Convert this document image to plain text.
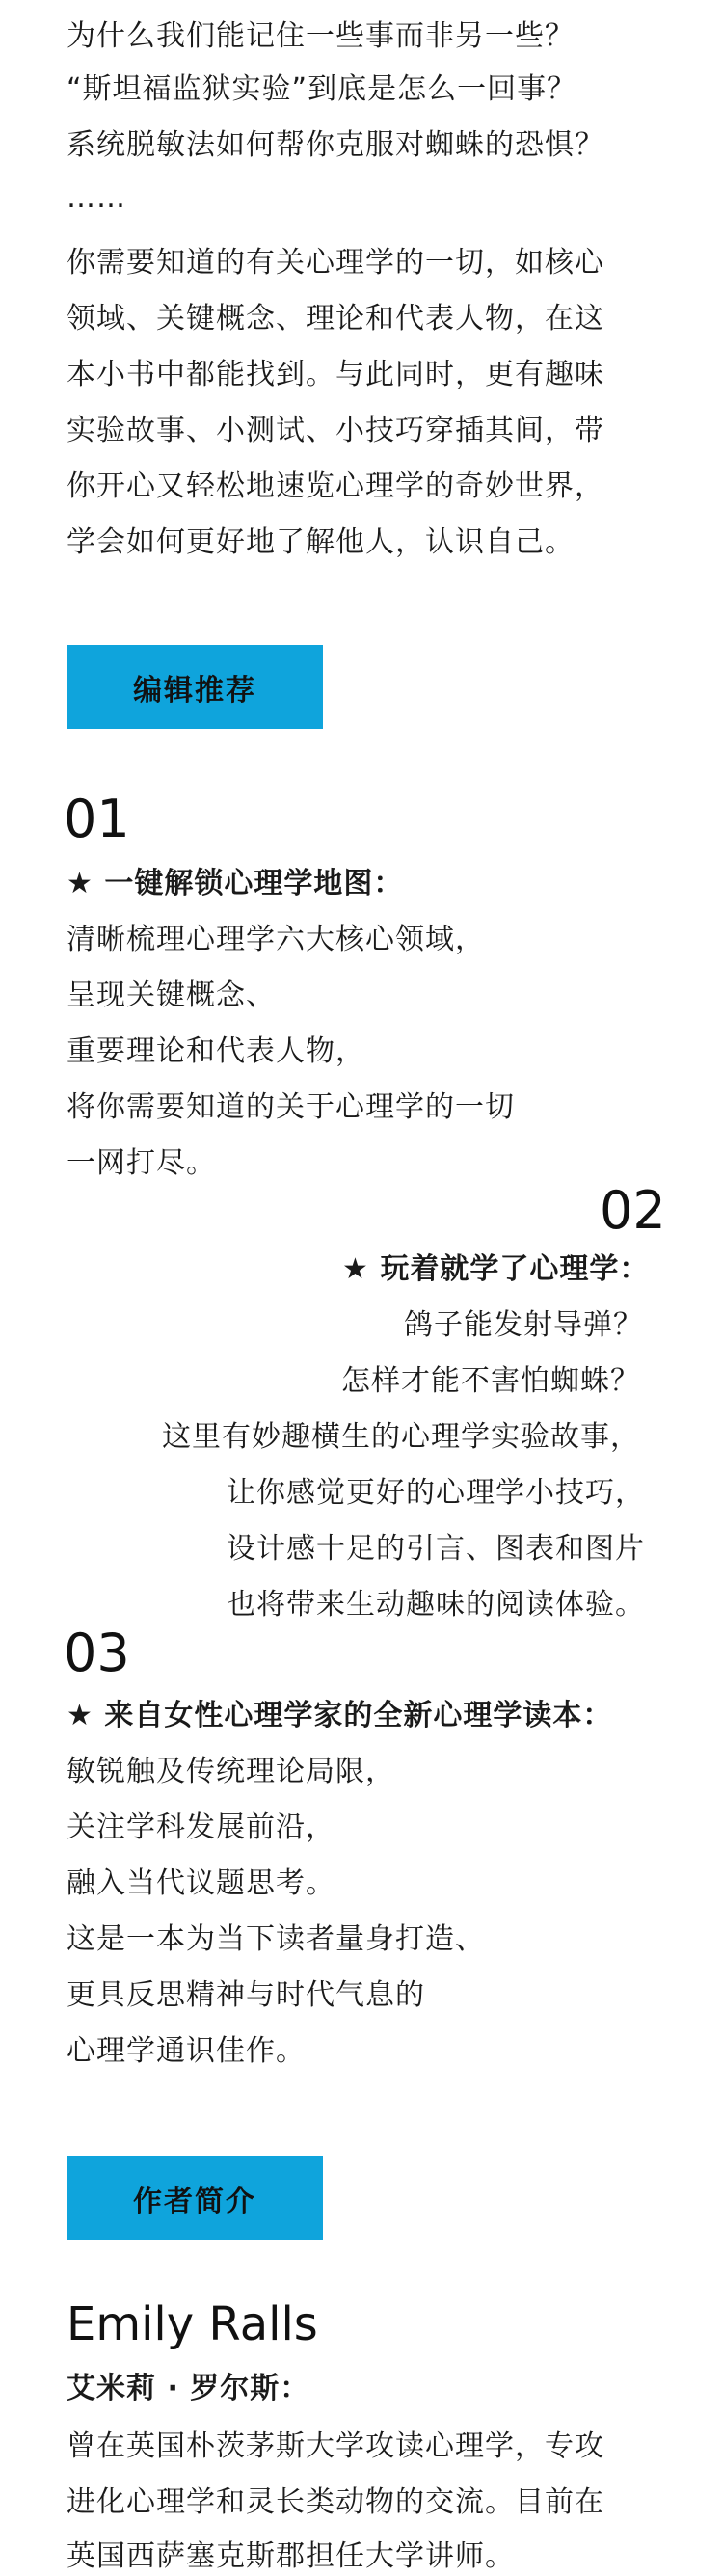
为什么我们能记住一些事而非另一些？
“斯坦福监狱实验”到底是怎么一回事？
系统脱敏法如何帮你克服对蜘蛛的恐惧？
……
你需要知道的有关心理学的一切，如核心
领域、关键概念、理论和代表人物，在这
本小书中都能找到。与此同时，更有趣味
实验故事、小测试、小技巧穿插其间，带
你开心又轻松地速览心理学的奇妙世界，
学会如何更好地了解他人，认识自己。
编辑推荐
01
★ 一键解锁心理学地图：
清晰梳理心理学六大核心领域，
呈现关键概念、
重要理论和代表人物，
将你需要知道的关于心理学的一切
一网打尽。
02
★ 玩着就学了心理学：
鸽子能发射导弹？
怎样才能不害怕蜘蛛？
这里有妙趣横生的心理学实验故事，
让你感觉更好的心理学小技巧，
设计感十足的引言、图表和图片
也将带来生动趣味的阅读体验。
03
★ 来自女性心理学家的全新心理学读本：
敏锐触及传统理论局限，
关注学科发展前沿，
融入当代议题思考。
这是一本为当下读者量身打造、
更具反思精神与时代气息的
心理学通识佳作。
作者简介
Emily Ralls
艾米莉 · 罗尔斯：
曾在英国朴茨茅斯大学攻读心理学，专攻
进化心理学和灵长类动物的交流。目前在
英国西萨塞克斯郡担任大学讲师。
